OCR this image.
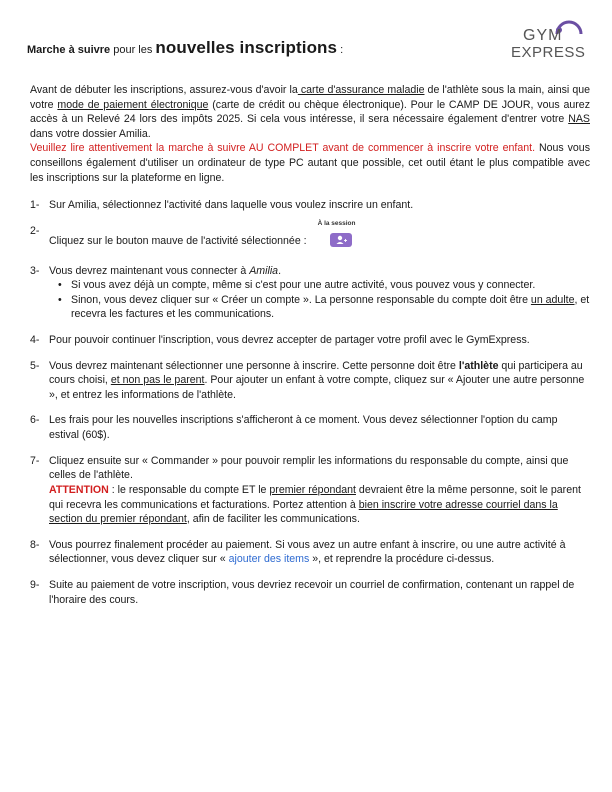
Marche à suivre pour les nouvelles inscriptions :
GYM
EXPRESS

Avant de débuter les inscriptions, assurez-vous d'avoir la carte d'assurance maladie de l'athlète sous la main, ainsi que votre mode de paiement électronique (carte de crédit ou chèque électronique). Pour le CAMP DE JOUR, vous aurez accès à un Relevé 24 lors des impôts 2025. Si cela vous intéresse, il sera nécessaire également d'entrer votre NAS dans votre dossier Amilia.

Veuillez lire attentivement la marche à suivre AU COMPLET avant de commencer à inscrire votre enfant. Nous vous conseillons également d'utiliser un ordinateur de type PC autant que possible, cet outil étant le plus compatible avec les inscriptions sur la plateforme en ligne.

1- Sur Amilia, sélectionnez l'activité dans laquelle vous voulez inscrire un enfant.
2-
Cliquez sur le bouton mauve de l'activité sélectionnée :
À la session
3- Vous devrez maintenant vous connecter à Amilia.
• Si vous avez déjà un compte, même si c'est pour une autre activité, vous pouvez vous y connecter.
• Sinon, vous devez cliquer sur « Créer un compte ». La personne responsable du compte doit être un adulte, et recevra les factures et les communications.
4- Pour pouvoir continuer l'inscription, vous devrez accepter de partager votre profil avec le GymExpress.
5- Vous devrez maintenant sélectionner une personne à inscrire. Cette personne doit être l'athlète qui participera au cours choisi, et non pas le parent. Pour ajouter un enfant à votre compte, cliquez sur « Ajouter une autre personne », et entrez les informations de l'athlète.
6- Les frais pour les nouvelles inscriptions s'afficheront à ce moment. Vous devez sélectionner l'option du camp estival (60$).
7- Cliquez ensuite sur « Commander » pour pouvoir remplir les informations du responsable du compte, ainsi que celles de l'athlète.
ATTENTION : le responsable du compte ET le premier répondant devraient être la même personne, soit le parent qui recevra les communications et facturations. Portez attention à bien inscrire votre adresse courriel dans la section du premier répondant, afin de faciliter les communications.
8- Vous pourrez finalement procéder au paiement. Si vous avez un autre enfant à inscrire, ou une autre activité à sélectionner, vous devez cliquer sur « ajouter des items », et reprendre la procédure ci-dessus.
9- Suite au paiement de votre inscription, vous devriez recevoir un courriel de confirmation, contenant un rappel de l'horaire des cours.
